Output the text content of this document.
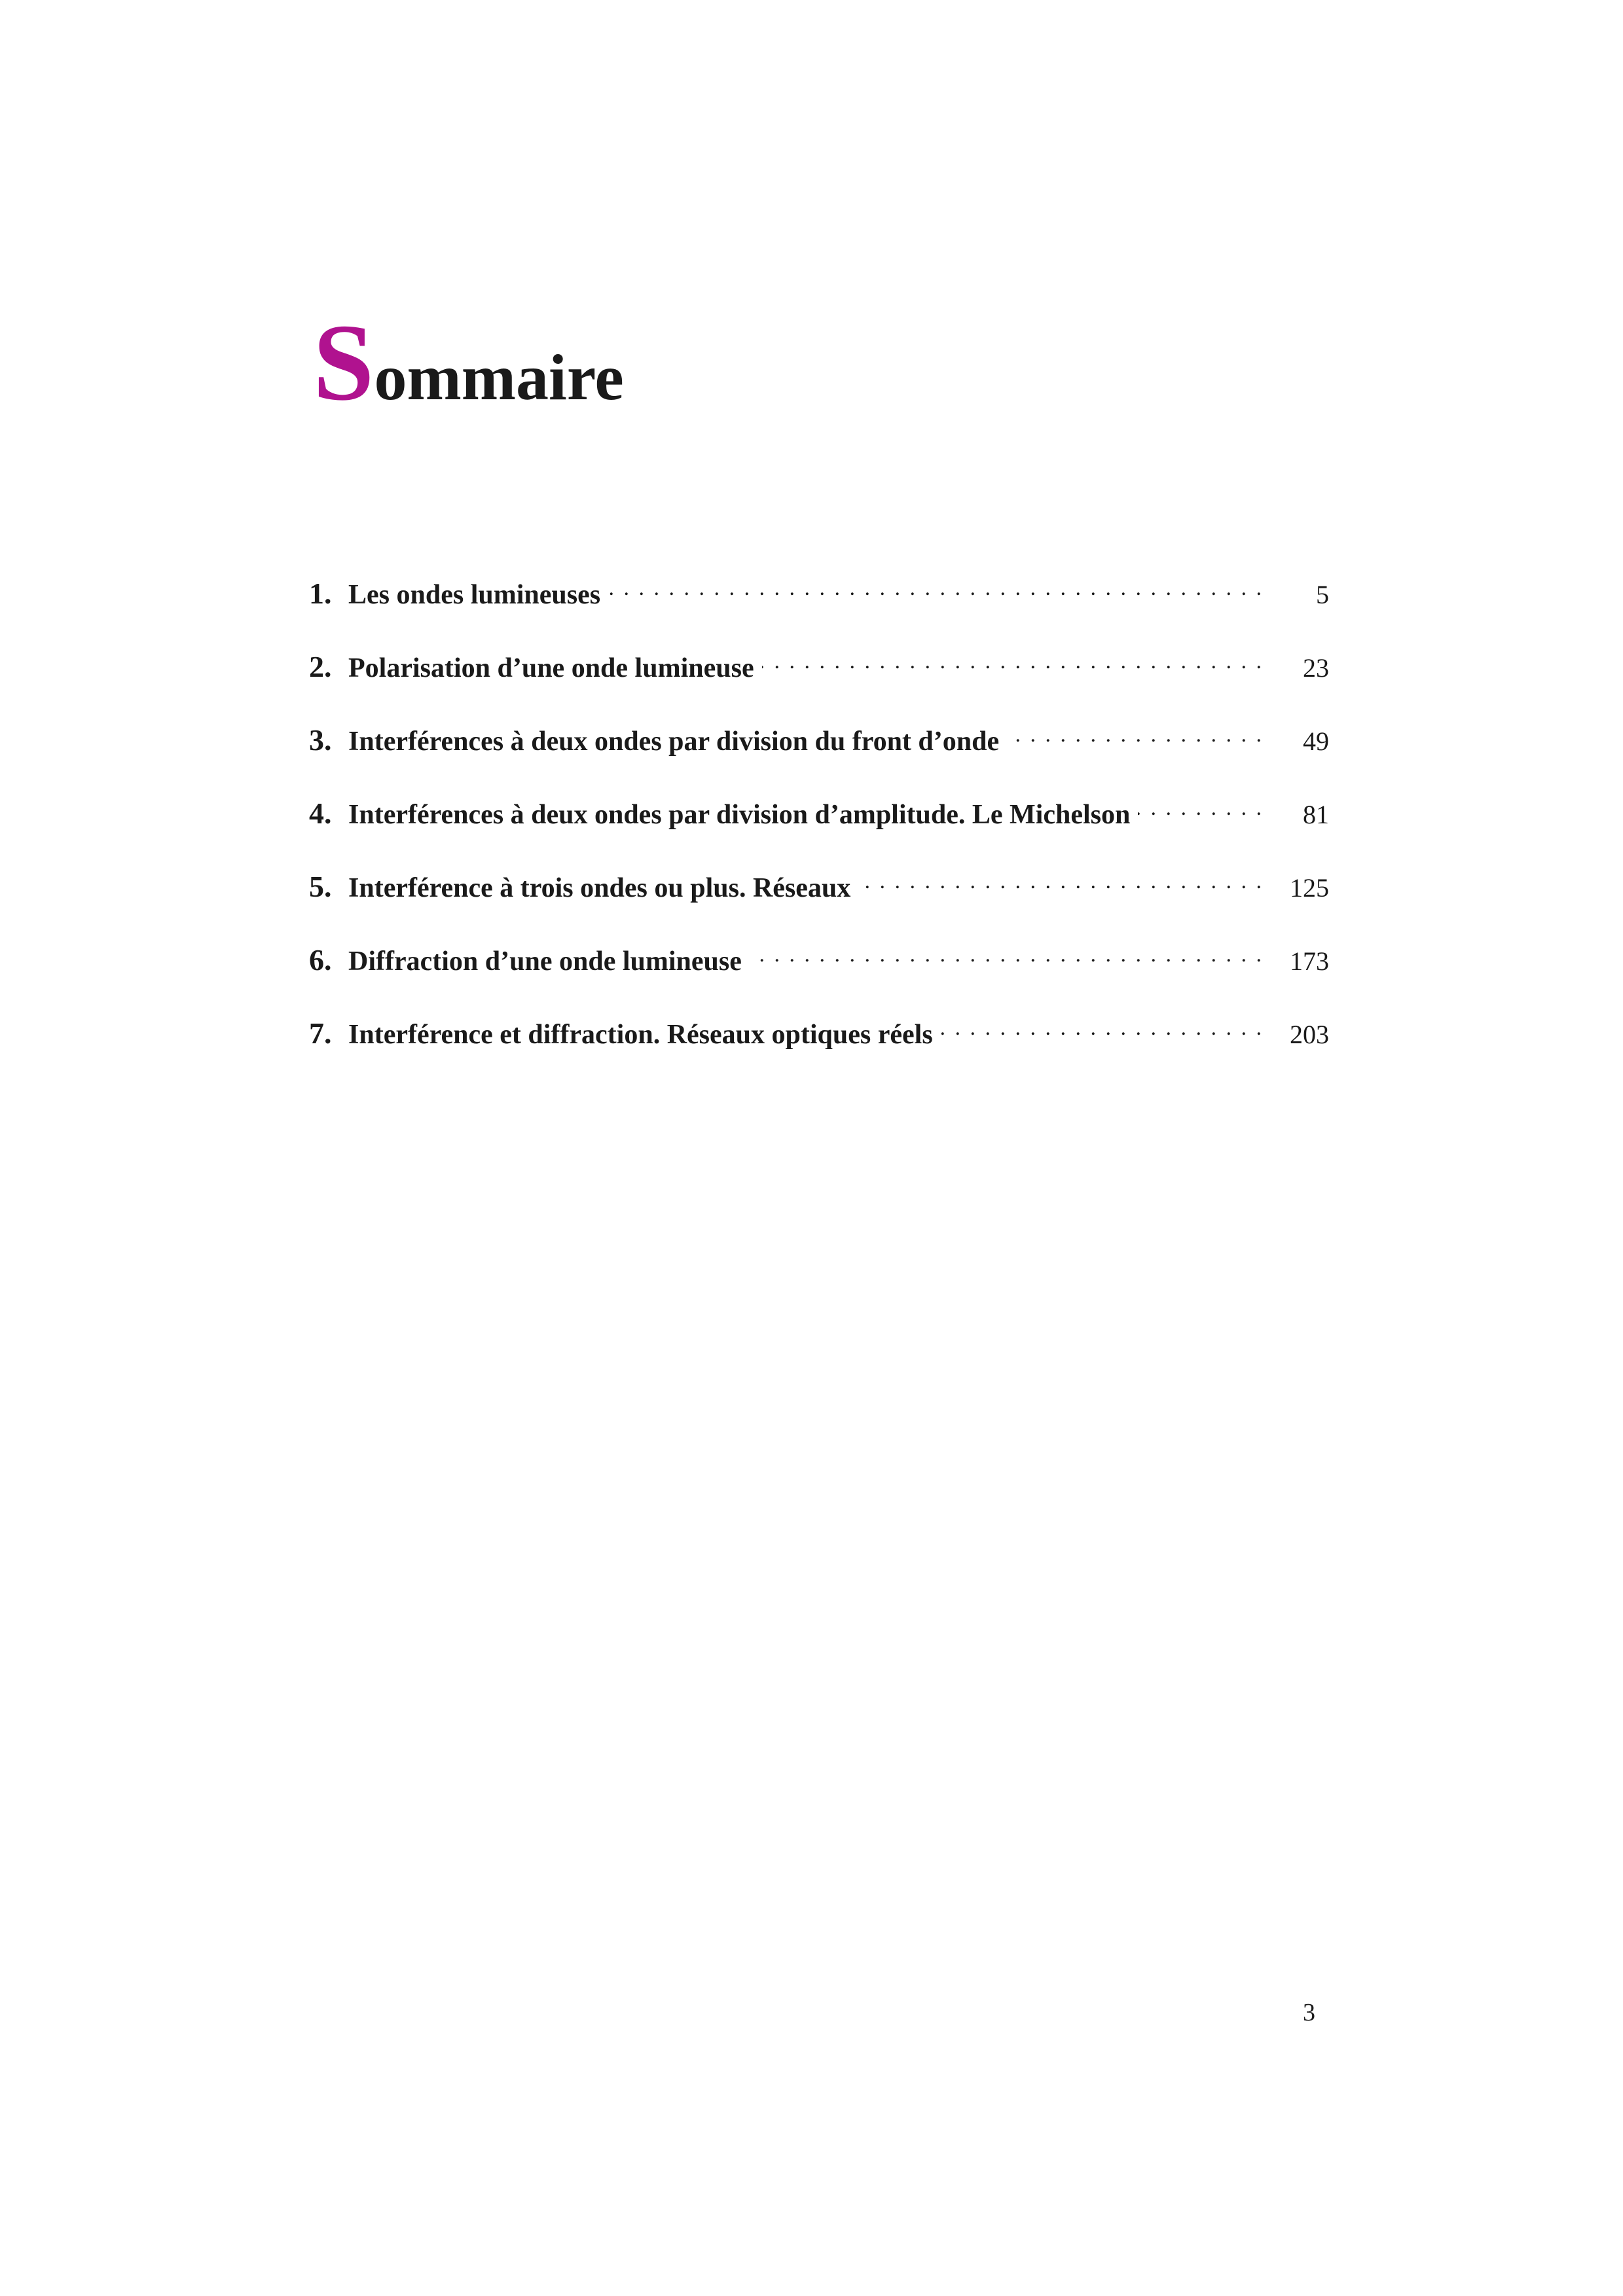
Sommaire
1. Les ondes lumineuses . . .	5
2. Polarisation d’une onde lumineuse . . .	23
3. Interférences à deux ondes par division du front d’onde . . .	49
4. Interférences à deux ondes par division d’amplitude. Le Michelson . . .	81
5. Interférence à trois ondes ou plus. Réseaux . . .	125
6. Diffraction d’une onde lumineuse . . .	173
7. Interférence et diffraction. Réseaux optiques réels . . .	203
3
